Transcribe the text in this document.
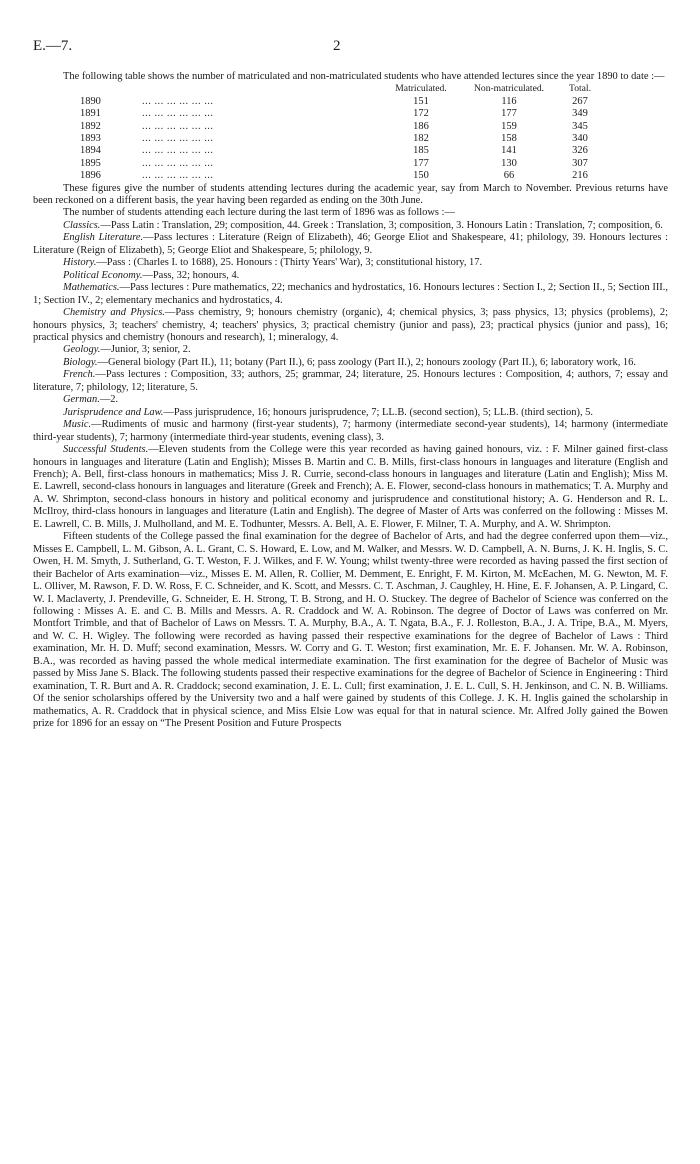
E.—7.	2

The following table shows the number of matriculated and non-matriculated students who have attended lectures since the year 1890 to date :—

Matriculated.	Non-matriculated.	Total.
1890	... ... ... ... ... ...	151	116	267
1891	... ... ... ... ... ...	172	177	349
1892	... ... ... ... ... ...	186	159	345
1893	... ... ... ... ... ...	182	158	340
1894	... ... ... ... ... ...	185	141	326
1895	... ... ... ... ... ...	177	130	307
1896	... ... ... ... ... ...	150	66	216

These figures give the number of students attending lectures during the academic year, say from March to November. Previous returns have been reckoned on a different basis, the year having been regarded as ending on the 30th June.

The number of students attending each lecture during the last term of 1896 was as follows :—

Classics.—Pass Latin : Translation, 29; composition, 44. Greek : Translation, 3; composition, 3. Honours Latin : Translation, 7; composition, 6.

English Literature.—Pass lectures : Literature (Reign of Elizabeth), 46; George Eliot and Shakespeare, 41; philology, 39. Honours lectures : Literature (Reign of Elizabeth), 5; George Eliot and Shakespeare, 5; philology, 9.

History.—Pass : (Charles I. to 1688), 25. Honours : (Thirty Years' War), 3; constitutional history, 17.

Political Economy.—Pass, 32; honours, 4.

Mathematics.—Pass lectures : Pure mathematics, 22; mechanics and hydrostatics, 16. Honours lectures : Section I., 2; Section II., 5; Section III., 1; Section IV., 2; elementary mechanics and hydrostatics, 4.

Chemistry and Physics.—Pass chemistry, 9; honours chemistry (organic), 4; chemical physics, 3; pass physics, 13; physics (problems), 2; honours physics, 3; teachers' chemistry, 4; teachers' physics, 3; practical chemistry (junior and pass), 23; practical physics (junior and pass), 16; practical physics and chemistry (honours and research), 1; mineralogy, 4.

Geology.—Junior, 3; senior, 2.

Biology.—General biology (Part II.), 11; botany (Part II.), 6; pass zoology (Part II.), 2; honours zoology (Part II.), 6; laboratory work, 16.

French.—Pass lectures : Composition, 33; authors, 25; grammar, 24; literature, 25. Honours lectures : Composition, 4; authors, 7; essay and literature, 7; philology, 12; literature, 5.

German.—2.

Jurisprudence and Law.—Pass jurisprudence, 16; honours jurisprudence, 7; LL.B. (second section), 5; LL.B. (third section), 5.

Music.—Rudiments of music and harmony (first-year students), 7; harmony (intermediate second-year students), 14; harmony (intermediate third-year students), 7; harmony (intermediate third-year students, evening class), 3.

Successful Students.—Eleven students from the College were this year recorded as having gained honours, viz. : F. Milner gained first-class honours in languages and literature (Latin and English); Misses B. Martin and C. B. Mills, first-class honours in languages and literature (English and French); A. Bell, first-class honours in mathematics; Miss J. R. Currie, second-class honours in languages and literature (Latin and English); Miss M. E. Lawrell, second-class honours in languages and literature (Greek and French); A. E. Flower, second-class honours in mathematics; T. A. Murphy and A. W. Shrimpton, second-class honours in history and political economy and jurisprudence and constitutional history; A. G. Henderson and R. L. McIlroy, third-class honours in languages and literature (Latin and English). The degree of Master of Arts was conferred on the following : Misses M. E. Lawrell, C. B. Mills, J. Mulholland, and M. E. Todhunter, Messrs. A. Bell, A. E. Flower, F. Milner, T. A. Murphy, and A. W. Shrimpton.

Fifteen students of the College passed the final examination for the degree of Bachelor of Arts, and had the degree conferred upon them—viz., Misses E. Campbell, L. M. Gibson, A. L. Grant, C. S. Howard, E. Low, and M. Walker, and Messrs. W. D. Campbell, A. N. Burns, J. K. H. Inglis, S. C. Owen, H. M. Smyth, J. Sutherland, G. T. Weston, F. J. Wilkes, and F. W. Young; whilst twenty-three were recorded as having passed the first section of their Bachelor of Arts examination—viz., Misses E. M. Allen, R. Collier, M. Demment, E. Enright, F. M. Kirton, M. McEachen, M. G. Newton, M. F. L. Olliver, M. Rawson, F. D. W. Ross, F. C. Schneider, and K. Scott, and Messrs. C. T. Aschman, J. Caughley, H. Hine, E. F. Johansen, A. P. Lingard, C. W. I. Maclaverty, J. Prendeville, G. Schneider, E. H. Strong, T. B. Strong, and H. O. Stuckey. The degree of Bachelor of Science was conferred on the following : Misses A. E. and C. B. Mills and Messrs. A. R. Craddock and W. A. Robinson. The degree of Doctor of Laws was conferred on Mr. Montfort Trimble, and that of Bachelor of Laws on Messrs. T. A. Murphy, B.A., A. T. Ngata, B.A., F. J. Rolleston, B.A., J. A. Tripe, B.A., M. Myers, and W. C. H. Wigley. The following were recorded as having passed their respective examinations for the degree of Bachelor of Laws : Third examination, Mr. H. D. Muff; second examination, Messrs. W. Corry and G. T. Weston; first examination, Mr. E. F. Johansen. Mr. W. A. Robinson, B.A., was recorded as having passed the whole medical intermediate examination. The first examination for the degree of Bachelor of Music was passed by Miss Jane S. Black. The following students passed their respective examinations for the degree of Bachelor of Science in Engineering : Third examination, T. R. Burt and A. R. Craddock; second examination, J. E. L. Cull; first examination, J. E. L. Cull, S. H. Jenkinson, and C. N. B. Williams. Of the senior scholarships offered by the University two and a half were gained by students of this College. J. K. H. Inglis gained the scholarship in mathematics, A. R. Craddock that in physical science, and Miss Elsie Low was equal for that in natural science. Mr. Alfred Jolly gained the Bowen prize for 1896 for an essay on “The Present Position and Future Prospects
